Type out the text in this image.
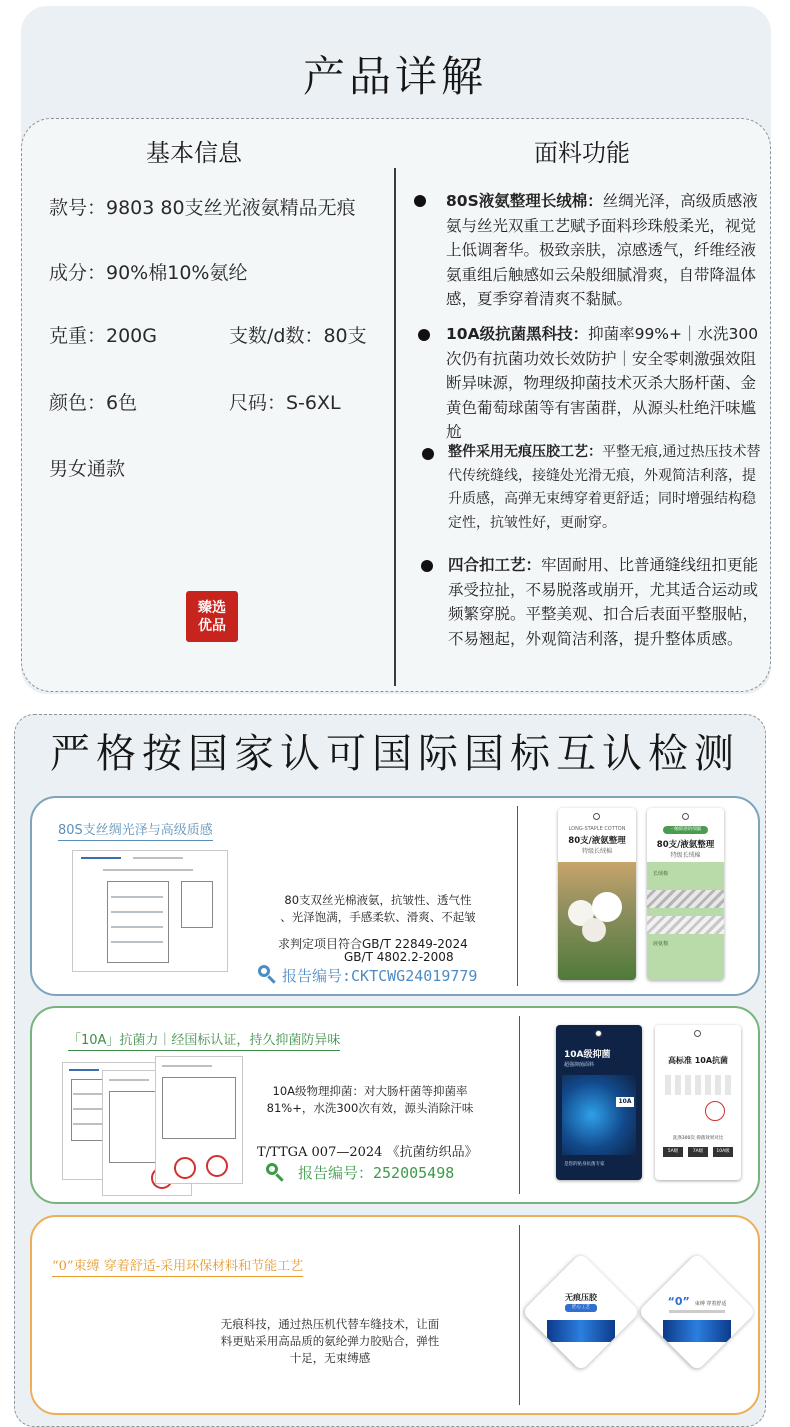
产品详解
基本信息	面料功能
款号：9803 80支丝光液氨精品无痕
成分：90%棉10%氨纶
克重：200G	支数/d数：80支
颜色：6色	尺码：S-6XL
男女通款
臻选
优品
80S液氨整理长绒棉：丝绸光泽，高级质感液氨与丝光双重工艺赋予面料珍珠般柔光，视觉上低调奢华。极致亲肤，凉感透气，纤维经液氨重组后触感如云朵般细腻滑爽，自带降温体感，夏季穿着清爽不黏腻。
10A级抗菌黑科技：抑菌率99%+｜水洗300次仍有抗菌功效长效防护｜安全零刺激强效阻断异味源，物理级抑菌技术灭杀大肠杆菌、金黄色葡萄球菌等有害菌群，从源头杜绝汗味尴尬
整件采用无痕压胶工艺：平整无痕,通过热压技术替代传统缝线，接缝处光滑无痕，外观简洁利落，提升质感，高弹无束缚穿着更舒适；同时增强结构稳定性，抗皱性好，更耐穿。
四合扣工艺：牢固耐用、比普通缝线纽扣更能承受拉扯，不易脱落或崩开，尤其适合运动或频繁穿脱。平整美观、扣合后表面平整服帖，不易翘起，外观简洁利落，提升整体质感。
严格按国家认可国际国标互认检测
80S支丝绸光泽与高级质感
80支双丝光棉液氨，抗皱性、透气性
、光泽饱满，手感柔软、滑爽、不起皱
求判定项目符合GB/T 22849-2024
GB/T 4802.2-2008
报告编号:CKTCWG24019779
LONG-STAPLE COTTON
80支/液氨整理
特级长绒棉
一触即感的细腻
80支/液氨整理
特级长绒棉
长绒棉
液氨棉
「10A」抗菌力｜经国标认证，持久抑菌防异味
10A级物理抑菌：对大肠杆菌等抑菌率
81%+，水洗300次有效，源头消除汗味
T/TTGA 007—2024 《抗菌纺织品》
报告编号：252005498
10A级抑菌
超强抑菌面料
10A
是您的贴身抗菌专家
高标准 10A抗菌
洗涤300次 抑菌效果对比
5A级	7A级	10A级
“0”束缚 穿着舒适-采用环保材料和节能工艺
无痕科技，通过热压机代替车缝技术，让面
料更贴采用高品质的氨纶弹力胶贴合，弹性
十足，无束缚感
无痕压胶
匠心工艺	“0” 束缚 穿着舒适
